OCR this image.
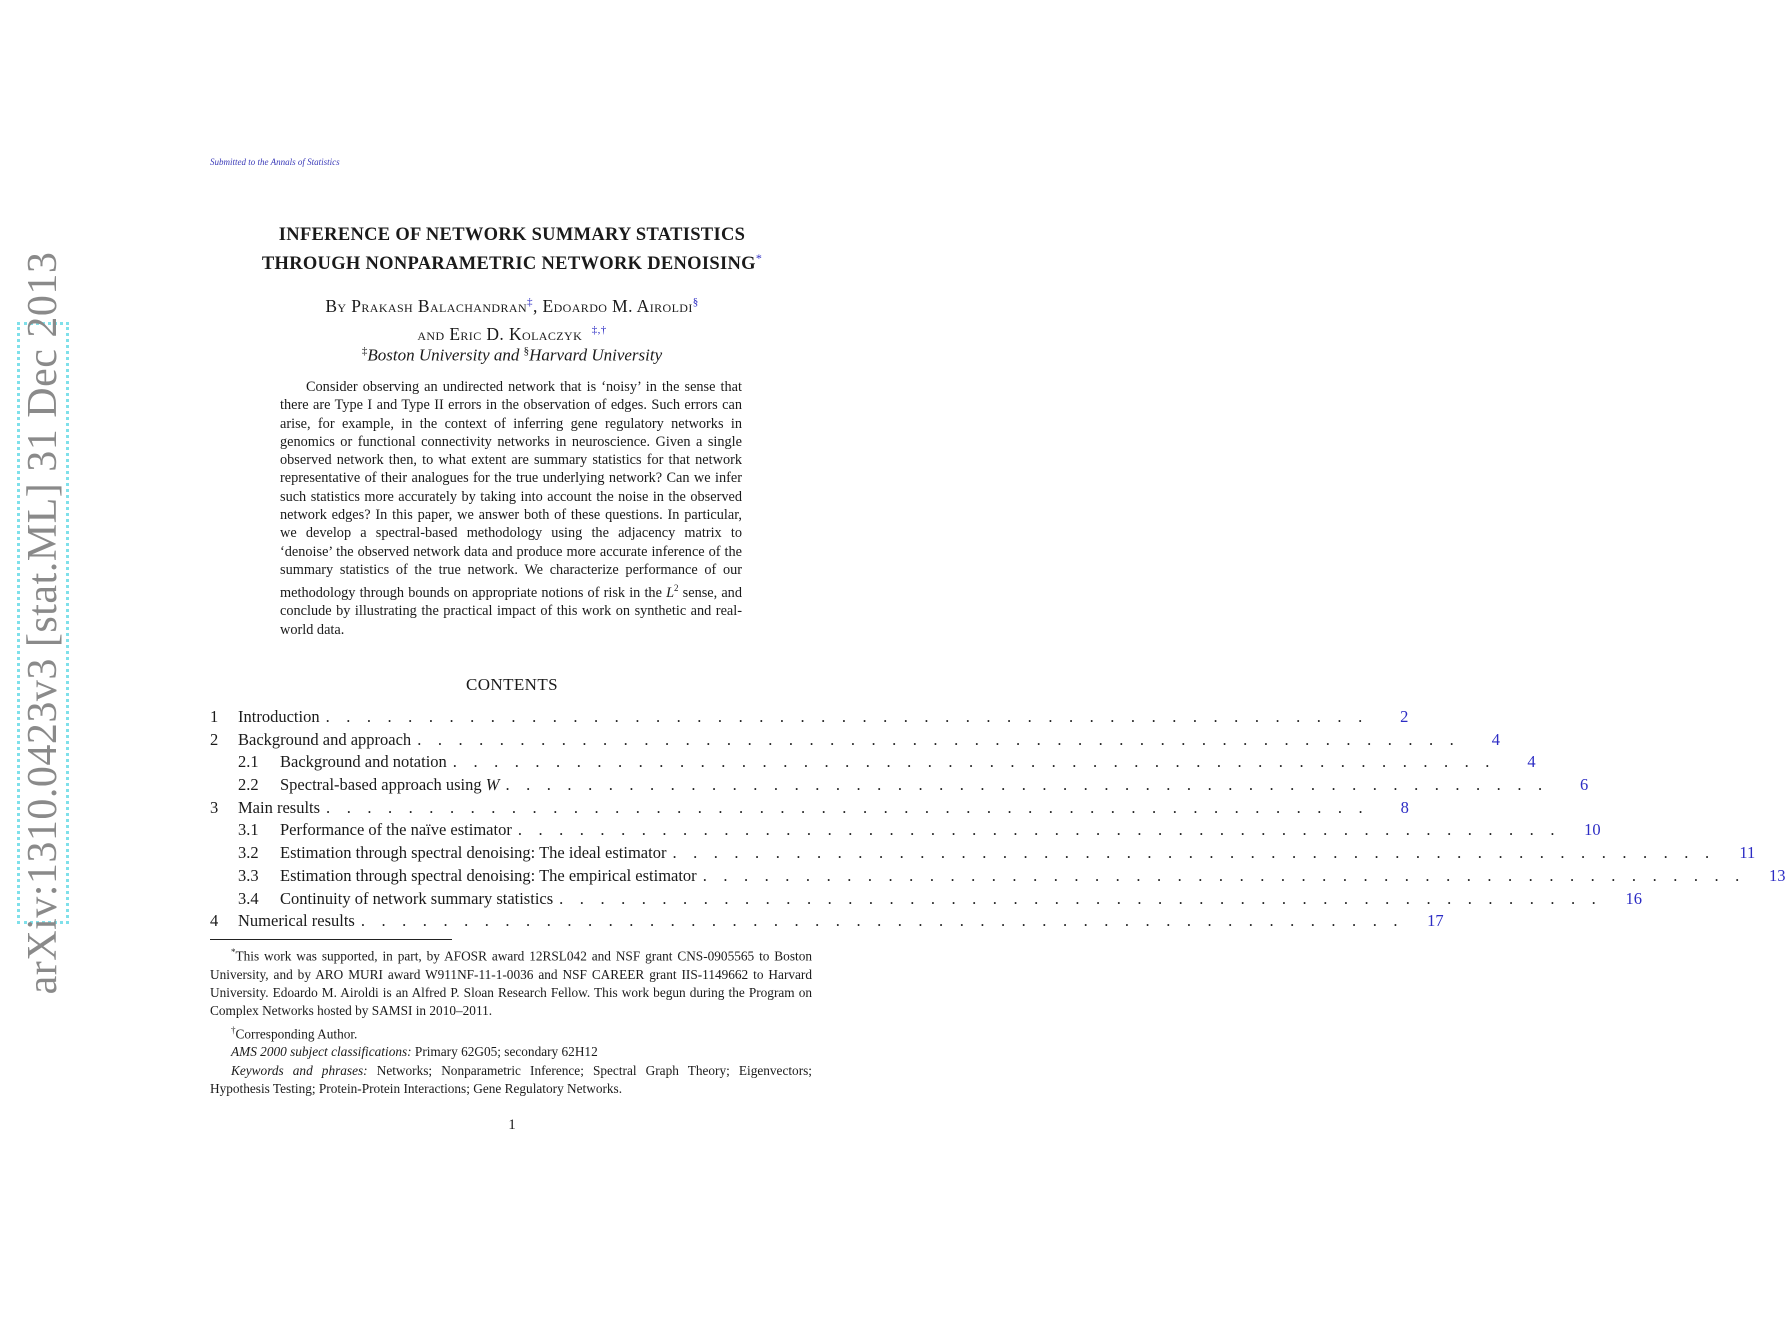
arXiv:1310.0423v3 [stat.ML] 31 Dec 2013
Submitted to the Annals of Statistics
INFERENCE OF NETWORK SUMMARY STATISTICS
THROUGH NONPARAMETRIC NETWORK DENOISING*
By Prakash Balachandran‡, Edoardo M. Airoldi§
and Eric D. Kolaczyk ‡,†
‡Boston University and §Harvard University
Consider observing an undirected network that is ‘noisy’ in the sense that there are Type I and Type II errors in the observation of edges. Such errors can arise, for example, in the context of inferring gene regulatory networks in genomics or functional connectivity networks in neuroscience. Given a single observed network then, to what extent are summary statistics for that network representative of their analogues for the true underlying network? Can we infer such statistics more accurately by taking into account the noise in the observed network edges? In this paper, we answer both of these questions. In particular, we develop a spectral-based methodology using the adjacency matrix to ‘denoise’ the observed network data and produce more accurate inference of the summary statistics of the true network. We characterize performance of our methodology through bounds on appropriate notions of risk in the $L^2$ sense, and conclude by illustrating the practical impact of this work on synthetic and real-world data.
CONTENTS
1	Introduction . . . . . . . . . . . . . . . . . . . . . . . . . . . . . . . . . . . . . . . . . . . . . . . . . . .	2
2	Background and approach . . . . . . . . . . . . . . . . . . . . . . . . . . . . . . . . . . . . . . . . . . . . . . . . . . .	4
2.1	Background and notation . . . . . . . . . . . . . . . . . . . . . . . . . . . . . . . . . . . . . . . . . . . . . . . . . . .	4
2.2	Spectral-based approach using W . . . . . . . . . . . . . . . . . . . . . . . . . . . . . . . . . . . . . . . . . . . . . . . . . . .	6
3	Main results . . . . . . . . . . . . . . . . . . . . . . . . . . . . . . . . . . . . . . . . . . . . . . . . . . .	8
3.1	Performance of the naïve estimator . . . . . . . . . . . . . . . . . . . . . . . . . . . . . . . . . . . . . . . . . . . . . . . . . . .	10
3.2	Estimation through spectral denoising: The ideal estimator . . . . . . . . . . . . . . . . . . . . . . . . . . . . . . . . . . . . . . . . . . . . . . . . . . .	11
3.3	Estimation through spectral denoising: The empirical estimator . . . . . . . . . . . . . . . . . . . . . . . . . . . . . . . . . . . . . . . . . . . . . . . . . . .	13
3.4	Continuity of network summary statistics . . . . . . . . . . . . . . . . . . . . . . . . . . . . . . . . . . . . . . . . . . . . . . . . . . .	16
4	Numerical results . . . . . . . . . . . . . . . . . . . . . . . . . . . . . . . . . . . . . . . . . . . . . . . . . . .	17

*This work was supported, in part, by AFOSR award 12RSL042 and NSF grant CNS-0905565 to Boston University, and by ARO MURI award W911NF-11-1-0036 and NSF CAREER grant IIS-1149662 to Harvard University. Edoardo M. Airoldi is an Alfred P. Sloan Research Fellow. This work begun during the Program on Complex Networks hosted by SAMSI in 2010–2011.

†Corresponding Author.

AMS 2000 subject classifications: Primary 62G05; secondary 62H12

Keywords and phrases: Networks; Nonparametric Inference; Spectral Graph Theory; Eigenvectors; Hypothesis Testing; Protein-Protein Interactions; Gene Regulatory Networks.

1
